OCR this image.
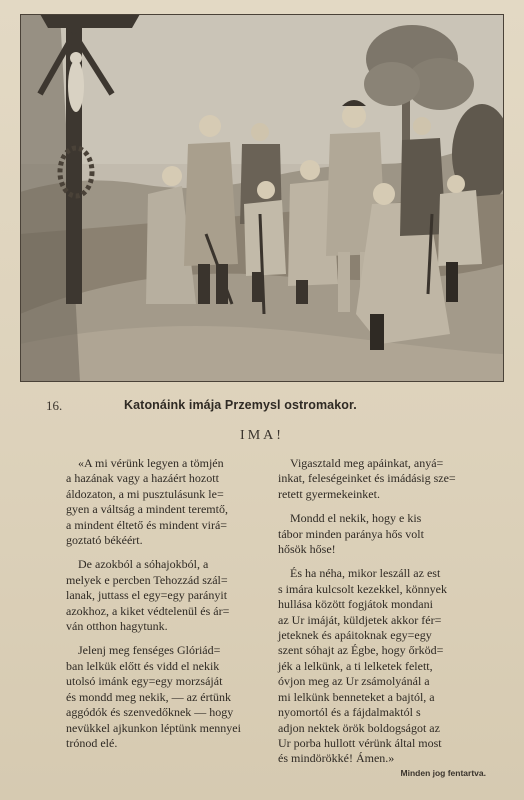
16.	Katonáink imája Przemysl ostromakor.
IMA!

«A mi vérünk legyen a tömjén
a hazának vagy a hazáért hozott
áldozaton, a mi pusztulásunk le=
gyen a váltság a mindent teremtő,
a mindent éltető és mindent virá=
goztató békéért.

De azokból a sóhajokból, a
melyek e percben Tehozzád szál=
lanak, juttass el egy=egy parányit
azokhoz, a kiket védtelenül és ár=
ván otthon hagytunk.

Jelenj meg fenséges Glóriád=
ban lelkük előtt és vidd el nekik
utolsó imánk egy=egy morzsáját
és mondd meg nekik, — az értünk
aggódók és szenvedőknek — hogy
nevükkel ajkunkon léptünk mennyei
trónod elé.

Vigasztald meg apáinkat, anyá=
inkat, feleségeinket és imádásig sze=
retett gyermekeinket.

Mondd el nekik, hogy e kis
tábor minden paránya hős volt
hősök hőse!

És ha néha, mikor leszáll az est
s imára kulcsolt kezekkel, könnyek
hullása között fogjátok mondani
az Ur imáját, küldjetek akkor fér=
jeteknek és apáitoknak egy=egy
szent sóhajt az Égbe, hogy őrköd=
jék a lelkünk, a ti lelketek felett,
óvjon meg az Ur zsámolyánál a
mi lelkünk benneteket a bajtól, a
nyomortól és a fájdalmaktól s
adjon nektek örök boldogságot az
Ur porba hullott vérünk által most
és mindörökké! Ámen.»

Minden jog fentartva.
